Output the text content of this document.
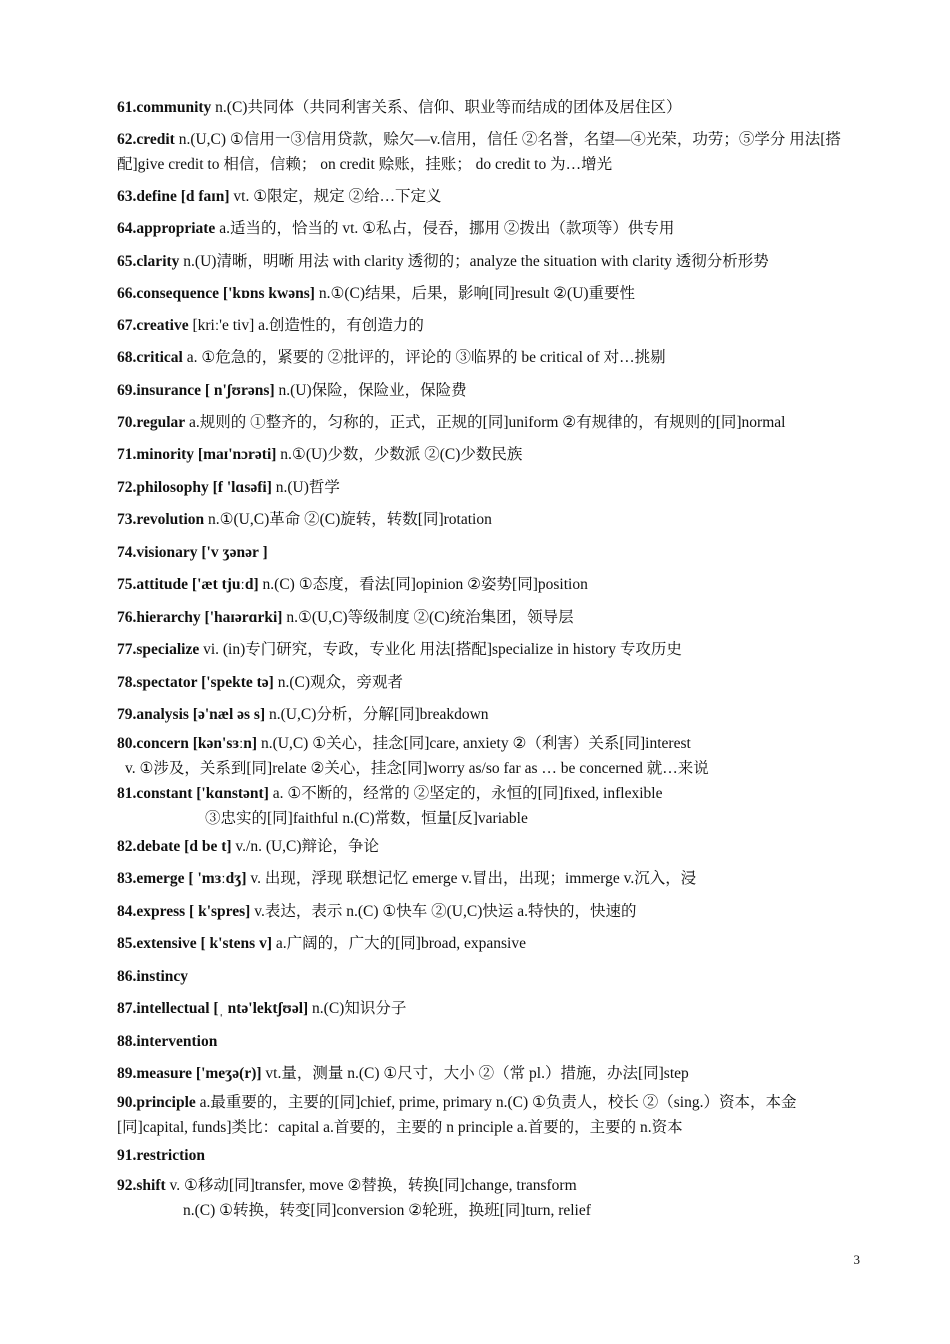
61.community n.(C)共同体（共同利害关系、信仰、职业等而结成的团体及居住区）
62.credit n.(U,C) ①信用一③信用贷款，赊欠—v.信用，信任 ②名誉，名望—④光荣，功劳；⑤学分 用法[搭配]give credit to 相信，信赖； on credit 赊账，挂账； do credit to 为…增光
63.define [d faɪn] vt. ①限定，规定 ②给…下定义
64.appropriate a.适当的，恰当的 vt. ①私占，侵吞，挪用 ②拨出（款项等）供专用
65.clarity n.(U)清晰，明晰 用法 with clarity 透彻的；analyze the situation with clarity 透彻分析形势
66.consequence ['kɒns kwəns] n.①(C)结果，后果，影响[同]result ②(U)重要性
67.creative [kriː'e tiv] a.创造性的，有创造力的
68.critical a. ①危急的，紧要的 ②批评的，评论的 ③临界的 be critical of 对…挑剔
69.insurance [ n'ʃʊrəns] n.(U)保险，保险业，保险费
70.regular a.规则的 ①整齐的，匀称的，正式，正规的[同]uniform ②有规律的，有规则的[同]normal
71.minority [maɪ'nɔrəti] n.①(U)少数，少数派 ②(C)少数民族
72.philosophy [f 'lɑsəfi] n.(U)哲学
73.revolution n.①(U,C)革命 ②(C)旋转，转数[同]rotation
74.visionary ['v ʒənər ]
75.attitude ['æt tjuːd] n.(C) ①态度，看法[同]opinion ②姿势[同]position
76.hierarchy ['haɪərɑrki] n.①(U,C)等级制度 ②(C)统治集团，领导层
77.specialize vi. (in)专门研究，专政，专业化 用法[搭配]specialize in history 专攻历史
78.spectator ['spekte tə] n.(C)观众，旁观者
79.analysis [ə'næl əs s] n.(U,C)分析，分解[同]breakdown
80.concern [kən'sɜːn] n.(U,C) ①关心，挂念[同]care, anxiety ②（利害）关系[同]interest
v. ①涉及，关系到[同]relate ②关心，挂念[同]worry as/so far as … be concerned 就…来说
81.constant ['kɑnstənt] a. ①不断的，经常的 ②坚定的，永恒的[同]fixed, inflexible
③忠实的[同]faithful n.(C)常数，恒量[反]variable
82.debate [d be t] v./n. (U,C)辩论，争论
83.emerge [ 'mɜːdʒ] v. 出现，浮现 联想记忆 emerge v.冒出，出现；immerge v.沉入，浸
84.express [ k'spres] v.表达，表示 n.(C) ①快车 ②(U,C)快运 a.特快的，快速的
85.extensive [ k'stens v] a.广阔的，广大的[同]broad, expansive
86.instincy
87.intellectual [ˌ ntə'lektʃʊəl] n.(C)知识分子
88.intervention
89.measure ['meʒə(r)] vt.量，测量 n.(C) ①尺寸，大小 ②（常 pl.）措施，办法[同]step
90.principle a.最重要的，主要的[同]chief, prime, primary n.(C) ①负责人，校长 ②（sing.）资本，本金[同]capital, funds]类比：capital a.首要的，主要的 n principle a.首要的，主要的 n.资本
91.restriction
92.shift v. ①移动[同]transfer, move ②替换，转换[同]change, transform
n.(C) ①转换，转变[同]conversion ②轮班，换班[同]turn, relief
3
